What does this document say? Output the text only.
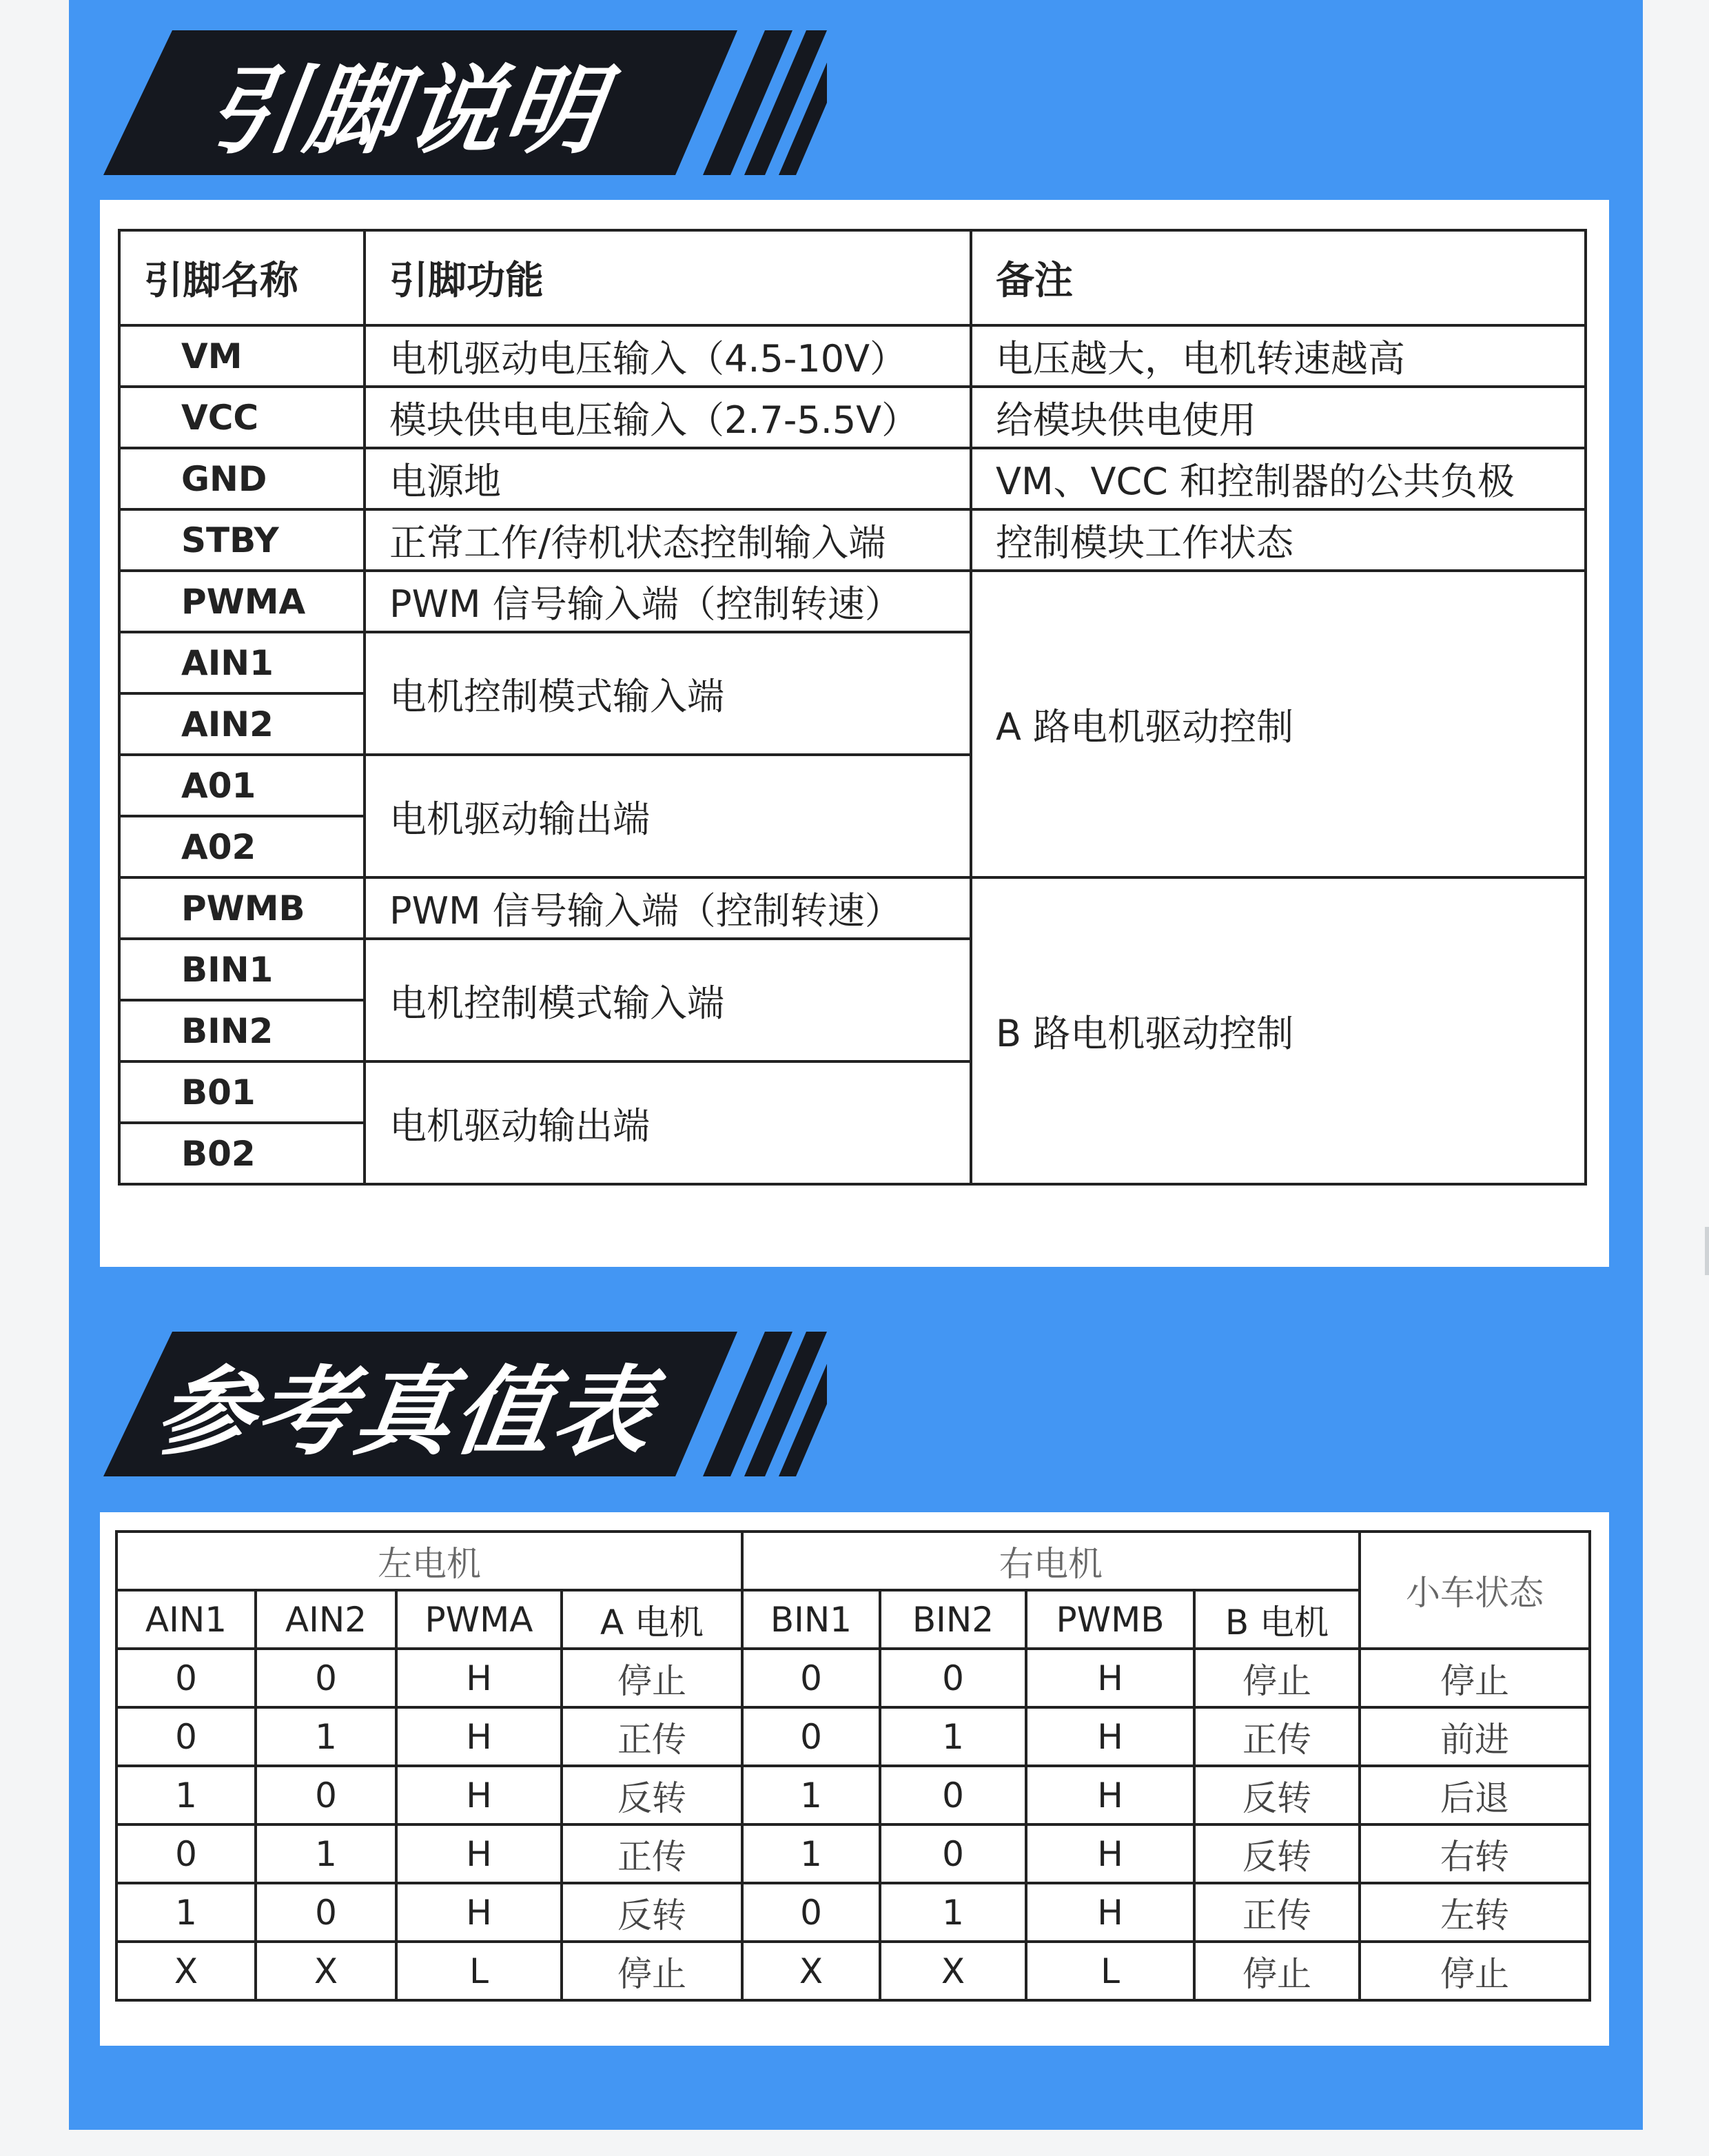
引脚说明
引脚名称	引脚功能	备注
VM	电机驱动电压输入（4.5-10V）	电压越大，电机转速越高
VCC	模块供电电压输入（2.7-5.5V）	给模块供电使用
GND	电源地	VM、VCC 和控制器的公共负极
STBY	正常工作/待机状态控制输入端	控制模块工作状态
PWMA	PWM 信号输入端（控制转速）	A 路电机驱动控制
AIN1	电机控制模式输入端	
AIN2		
A01	电机驱动输出端	
A02		
PWMB	PWM 信号输入端（控制转速）	B 路电机驱动控制
BIN1	电机控制模式输入端	
BIN2		
B01	电机驱动输出端	
B02		
参考真值表
左电机				右电机				小车状态
AIN1	AIN2	PWMA	A 电机	BIN1	BIN2	PWMB	B 电机	
0	0	H	停止	0	0	H	停止	停止
0	1	H	正传	0	1	H	正传	前进
1	0	H	反转	1	0	H	反转	后退
0	1	H	正传	1	0	H	反转	右转
1	0	H	反转	0	1	H	正传	左转
X	X	L	停止	X	X	L	停止	停止
